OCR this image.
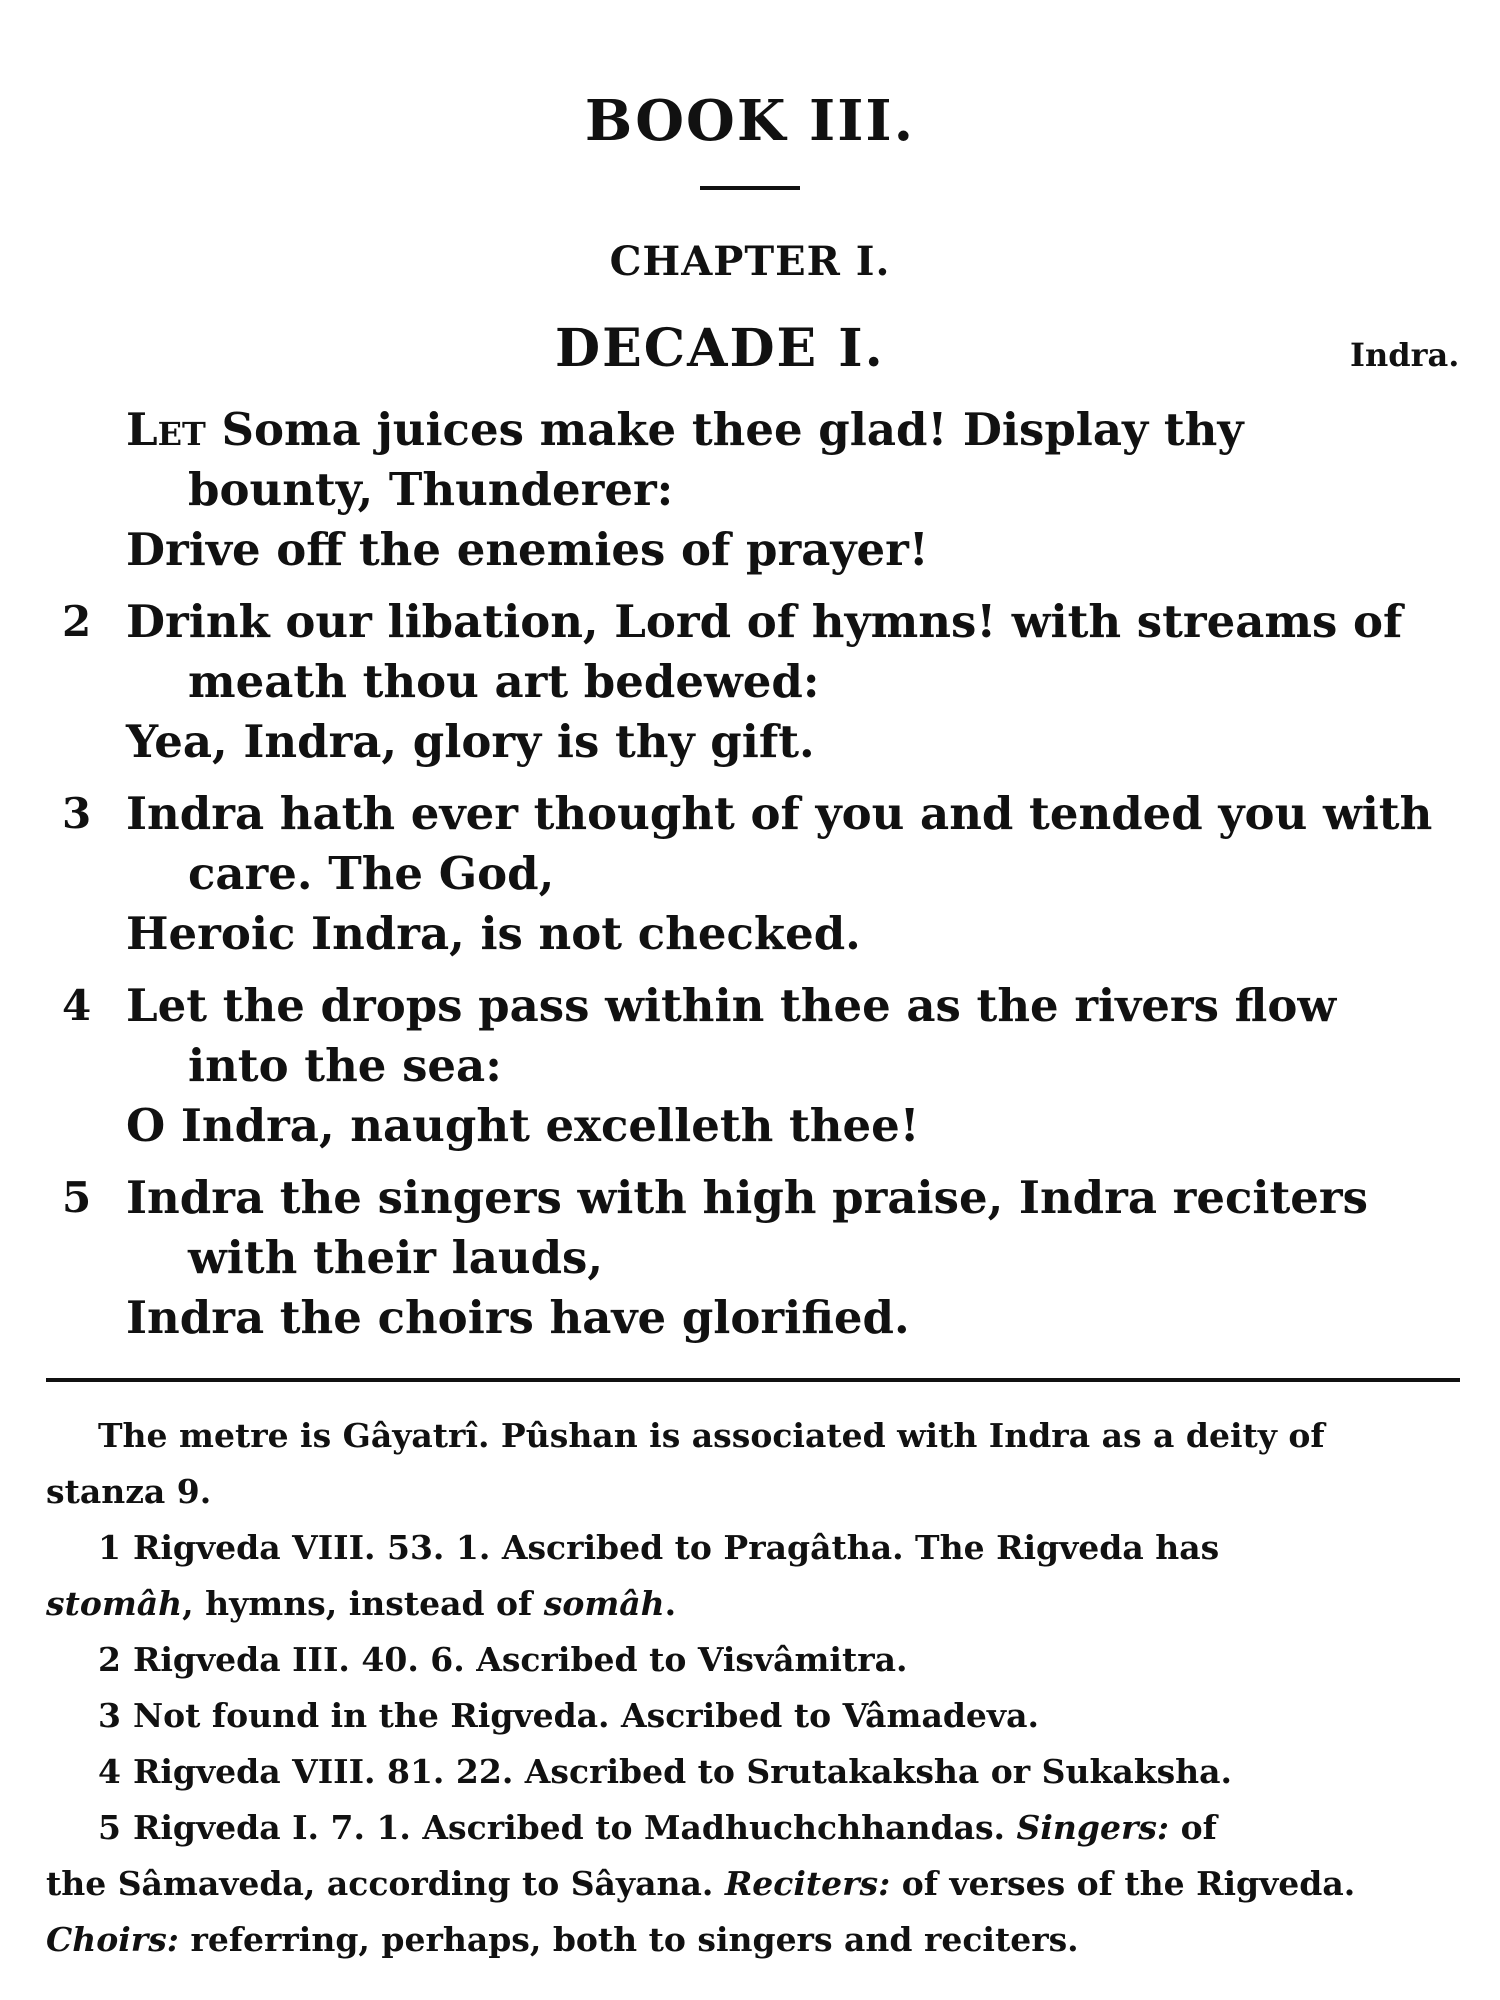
BOOK III.
CHAPTER I.
DECADE I.	Indra.
Let Soma juices make thee glad! Display thy
bounty, Thunderer:
Drive off the enemies of prayer!
2 Drink our libation, Lord of hymns! with streams of
meath thou art bedewed:
Yea, Indra, glory is thy gift.
3 Indra hath ever thought of you and tended you with
care. The God,
Heroic Indra, is not checked.
4 Let the drops pass within thee as the rivers flow
into the sea:
O Indra, naught excelleth thee!
5 Indra the singers with high praise, Indra reciters
with their lauds,
Indra the choirs have glorified.
The metre is Gâyatrî. Pûshan is associated with Indra as a deity of
stanza 9.
1 Rigveda VIII. 53. 1. Ascribed to Pragâtha. The Rigveda has
stomâh, hymns, instead of somâh.
2 Rigveda III. 40. 6. Ascribed to Visvâmitra.
3 Not found in the Rigveda. Ascribed to Vâmadeva.
4 Rigveda VIII. 81. 22. Ascribed to Srutakaksha or Sukaksha.
5 Rigveda I. 7. 1. Ascribed to Madhuchchhandas. Singers: of
the Sâmaveda, according to Sâyana. Reciters: of verses of the Rigveda.
Choirs: referring, perhaps, both to singers and reciters.
